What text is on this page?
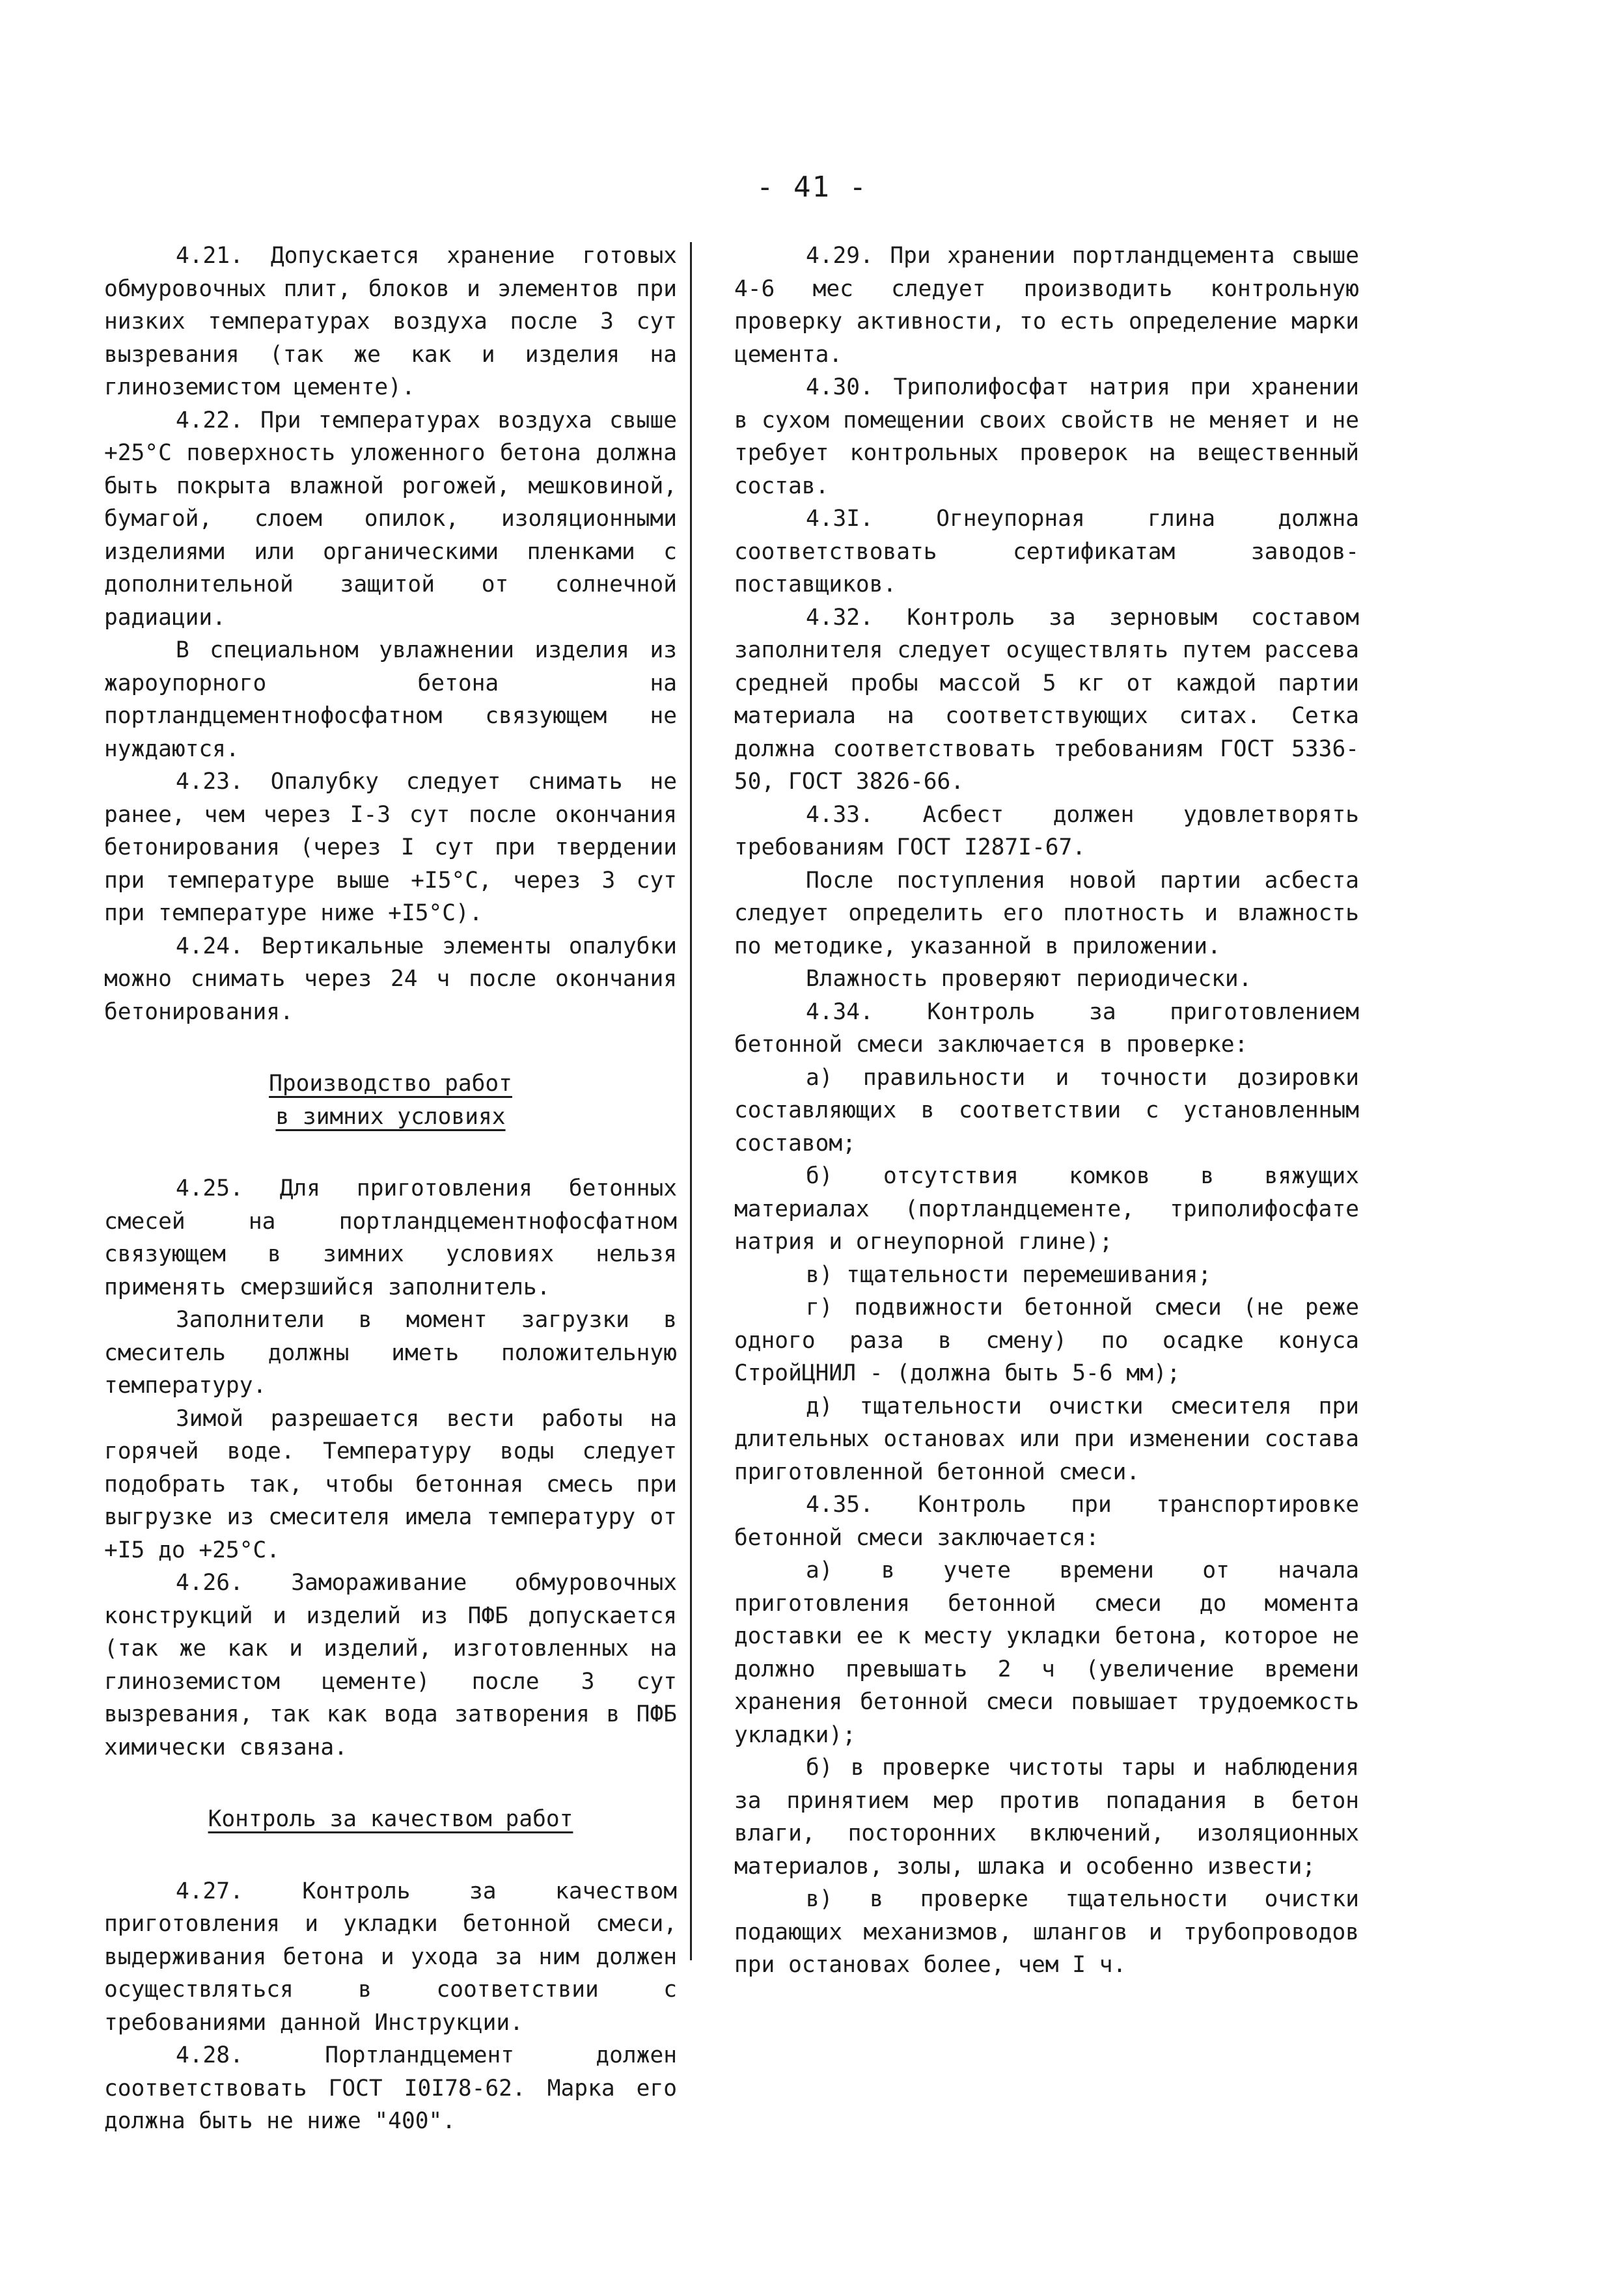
- 41 -

4.21. Допускается хранение готовых обмуровочных плит, блоков и элементов при низких температурах воздуха после 3 сут вызревания (так же как и изделия на глиноземистом цементе).

4.22. При температурах воздуха свыше +25°С поверхность уложенного бетона должна быть покрыта влажной рогожей, мешковиной, бумагой, слоем опилок, изоляционными изделиями или органическими пленками с дополнительной защитой от солнечной радиации.

В специальном увлажнении изделия из жароупорного бетона на портландцементнофосфатном связующем не нуждаются.

4.23. Опалубку следует снимать не ранее, чем через I-3 сут после окончания бетонирования (через I сут при твердении при температуре выше +I5°С, через 3 сут при температуре ниже +I5°С).

4.24. Вертикальные элементы опалубки можно снимать через 24 ч после окончания бетонирования.

Производство работ

в зимних условиях

4.25. Для приготовления бетонных смесей на портландцементнофосфатном связующем в зимних условиях нельзя применять смерзшийся заполнитель.

Заполнители в момент загрузки в смеситель должны иметь положительную температуру.

Зимой разрешается вести работы на горячей воде. Температуру воды следует подобрать так, чтобы бетонная смесь при выгрузке из смесителя имела температуру от +I5 до +25°С.

4.26. Замораживание обмуровочных конструкций и изделий из ПФБ допускается (так же как и изделий, изготовленных на глиноземистом цементе) после 3 сут вызревания, так как вода затворения в ПФБ химически связана.

Контроль за качеством работ

4.27. Контроль за качеством приготовления и укладки бетонной смеси, выдерживания бетона и ухода за ним должен осуществляться в соответствии с требованиями данной Инструкции.

4.28. Портландцемент должен соответствовать ГОСТ I0I78-62. Марка его должна быть не ниже "400".

4.29. При хранении портландцемента свыше 4-6 мес следует производить контрольную проверку активности, то есть определение марки цемента.

4.30. Триполифосфат натрия при хранении в сухом помещении своих свойств не меняет и не требует контрольных проверок на вещественный состав.

4.3I. Огнеупорная глина должна соответствовать сертификатам заводов-поставщиков.

4.32. Контроль за зерновым составом заполнителя следует осуществлять путем рассева средней пробы массой 5 кг от каждой партии материала на соответствующих ситах. Сетка должна соответствовать требованиям ГОСТ 5336-50, ГОСТ 3826-66.

4.33. Асбест должен удовлетворять требованиям ГОСТ I287I-67.

После поступления новой партии асбеста следует определить его плотность и влажность по методике, указанной в приложении.

Влажность проверяют периодически.

4.34. Контроль за приготовлением бетонной смеси заключается в проверке:

а) правильности и точности дозировки составляющих в соответствии с установленным составом;

б) отсутствия комков в вяжущих материалах (портландцементе, триполифосфате натрия и огнеупорной глине);

в) тщательности перемешивания;

г) подвижности бетонной смеси (не реже одного раза в смену) по осадке конуса СтройЦНИЛ - (должна быть 5-6 мм);

д) тщательности очистки смесителя при длительных остановах или при изменении состава приготовленной бетонной смеси.

4.35. Контроль при транспортировке бетонной смеси заключается:

а) в учете времени от начала приготовления бетонной смеси до момента доставки ее к месту укладки бетона, которое не должно превышать 2 ч (увеличение времени хранения бетонной смеси повышает трудоемкость укладки);

б) в проверке чистоты тары и наблюдения за принятием мер против попадания в бетон влаги, посторонних включений, изоляционных материалов, золы, шлака и особенно извести;

в) в проверке тщательности очистки подающих механизмов, шлангов и трубопроводов при остановах более, чем I ч.
